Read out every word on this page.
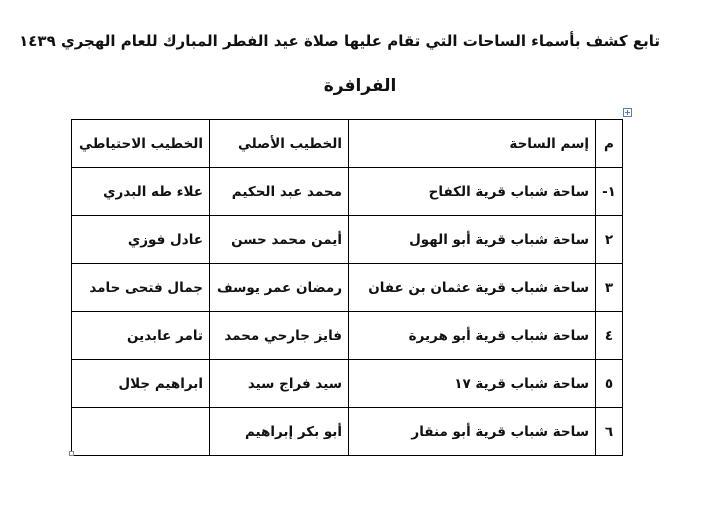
تابع كشف بأسماء الساحات التي تقام عليها صلاة عيد الفطر المبارك للعام الهجري ١٤٣٩
الفرافرة
م	إسم الساحة	الخطيب الأصلي	الخطيب الاحتياطي
١-	ساحة شباب قرية الكفاح	محمد عبد الحكيم	علاء طه البدري
٢	ساحة شباب قرية أبو الهول	أيمن محمد حسن	عادل فوزي
٣	ساحة شباب قرية عثمان بن عفان	رمضان عمر يوسف	جمال فتحى حامد
٤	ساحة شباب قرية أبو هريرة	فايز جارحي محمد	تامر عابدين
٥	ساحة شباب قرية ١٧	سيد فراج سيد	ابراهيم جلال
٦	ساحة شباب قرية أبو منقار	أبو بكر إبراهيم	
